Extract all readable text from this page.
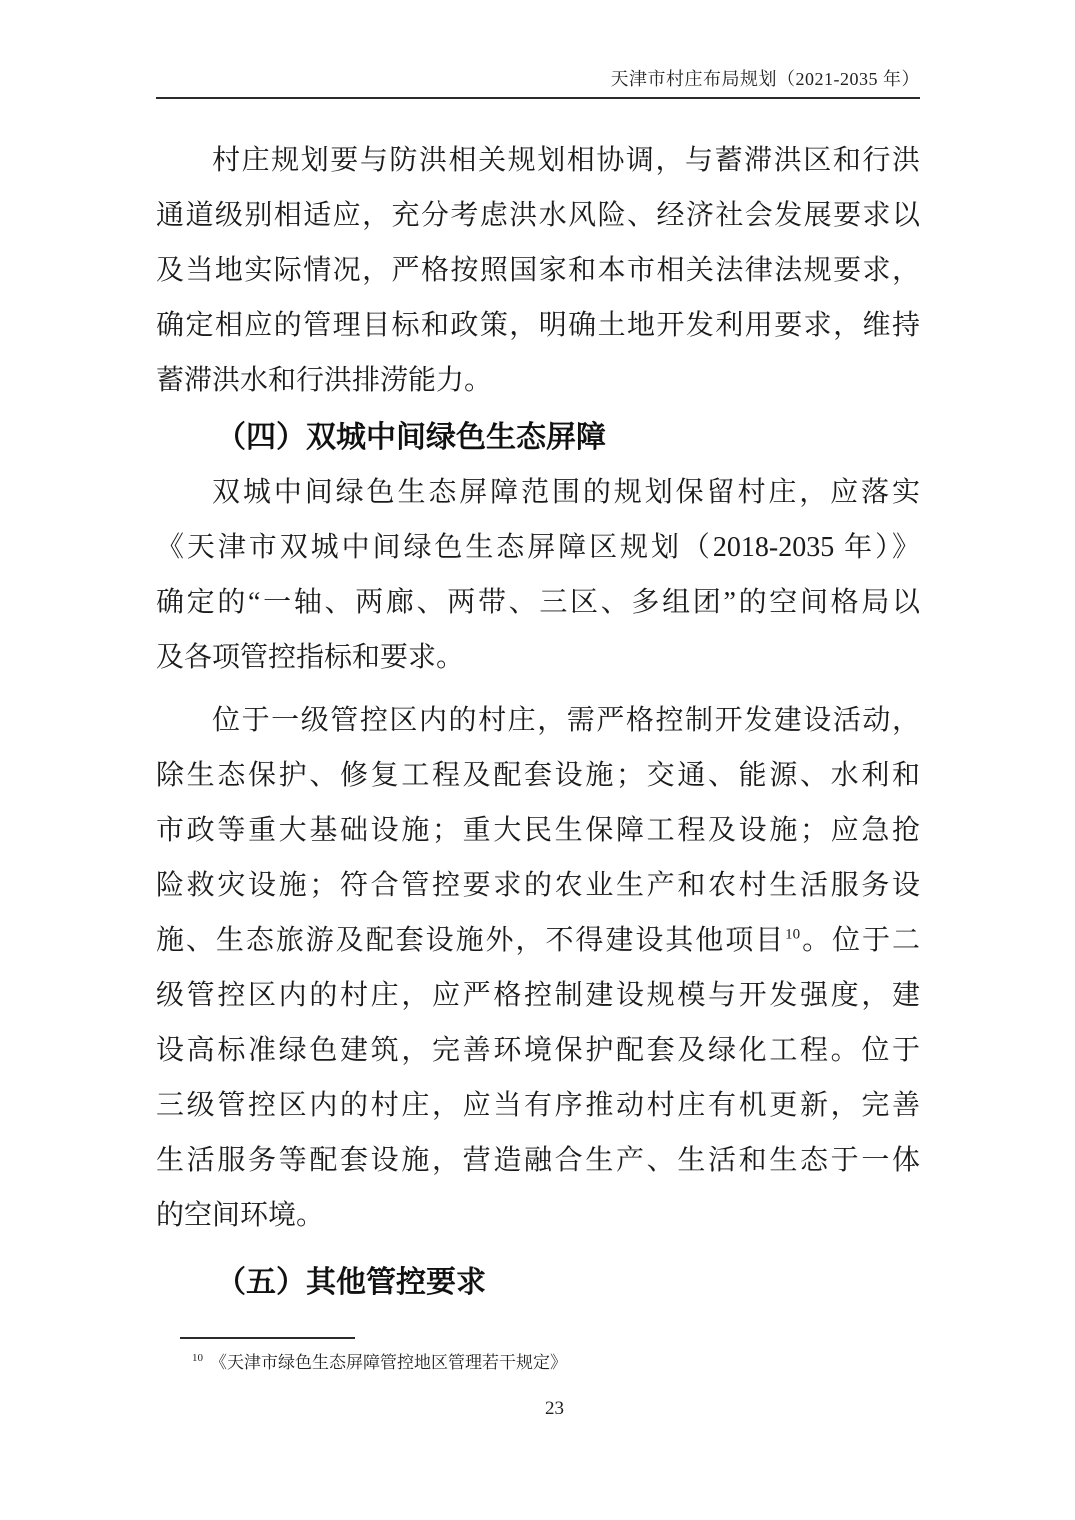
天津市村庄布局规划（2021-2035 年）
村庄规划要与防洪相关规划相协调，与蓄滞洪区和行洪
通道级别相适应，充分考虑洪水风险、经济社会发展要求以
及当地实际情况，严格按照国家和本市相关法律法规要求，
确定相应的管理目标和政策，明确土地开发利用要求，维持
蓄滞洪水和行洪排涝能力。
（四）双城中间绿色生态屏障
双城中间绿色生态屏障范围的规划保留村庄，应落实
《天津市双城中间绿色生态屏障区规划（2018-2035 年）》
确定的“一轴、两廊、两带、三区、多组团”的空间格局以
及各项管控指标和要求。
位于一级管控区内的村庄，需严格控制开发建设活动，
除生态保护、修复工程及配套设施；交通、能源、水利和
市政等重大基础设施；重大民生保障工程及设施；应急抢
险救灾设施；符合管控要求的农业生产和农村生活服务设
施、生态旅游及配套设施外，不得建设其他项目$^{10}$。位于二
级管控区内的村庄，应严格控制建设规模与开发强度，建
设高标准绿色建筑，完善环境保护配套及绿化工程。位于
三级管控区内的村庄，应当有序推动村庄有机更新，完善
生活服务等配套设施，营造融合生产、生活和生态于一体
的空间环境。
（五）其他管控要求
$^{10}$ 《天津市绿色生态屏障管控地区管理若干规定》
23
